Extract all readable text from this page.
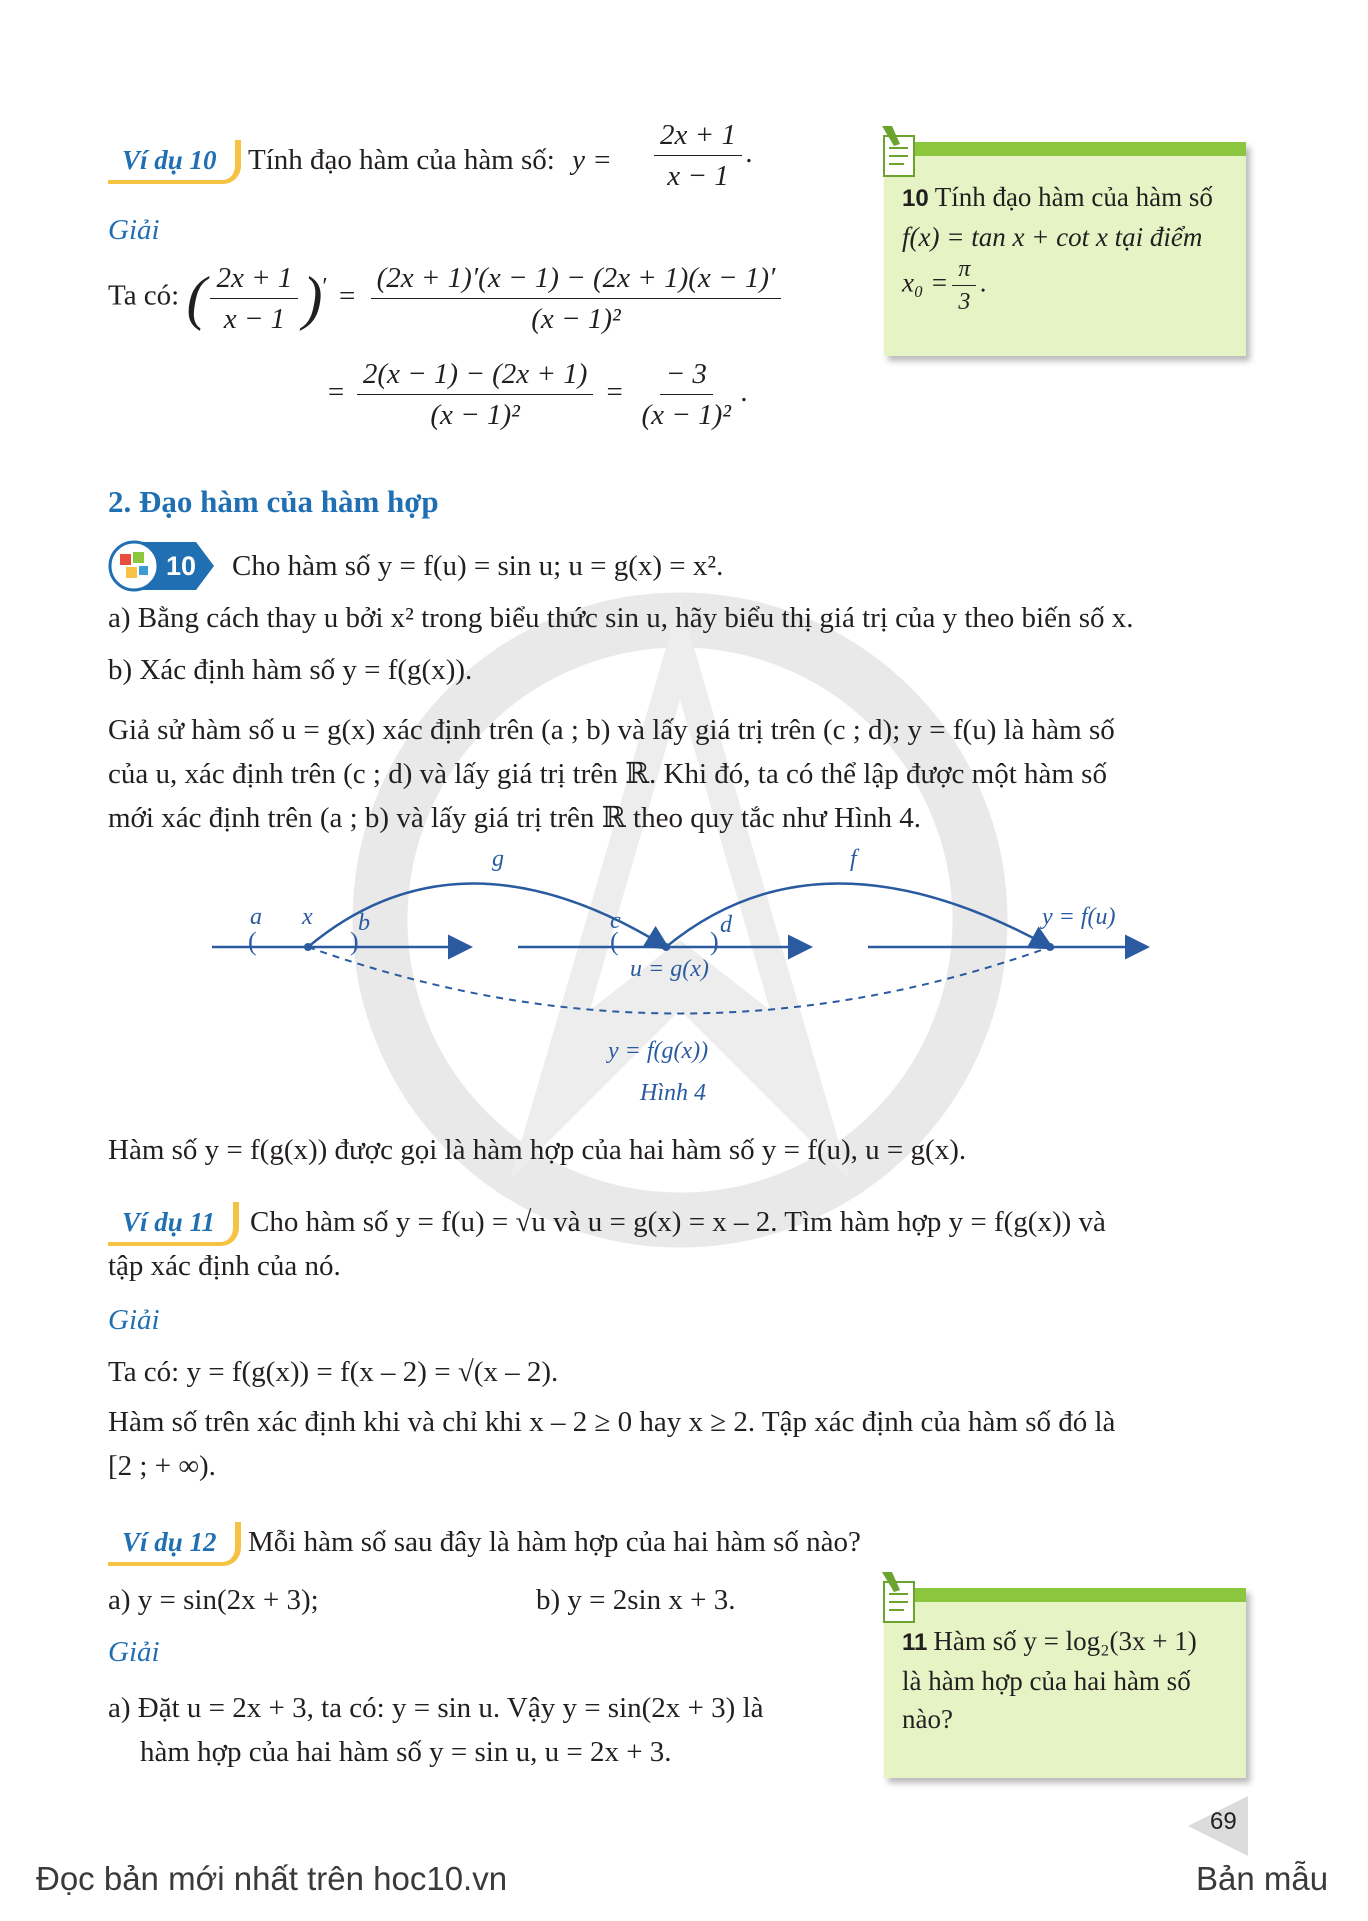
Ví dụ 10	Tính đạo hàm của hàm số: $y = \frac{2x + 1}{x - 1}$ .
Giải
Ta có: ( $\frac{2x + 1}{x - 1} )' = \frac{(2x + 1)'(x - 1) - (2x + 1)(x - 1)'}{\text{(x − 1)²}}$
= $\frac{2(x - 1) - (2x + 1)}{\text{(x − 1)²}} = \frac{- 3}{\text{(x − 1)²}}$ .
10 Tính đạo hàm của hàm số
f(x) = tan x + cot x tại điểm
$x_0 = \frac{\pi}{3}$ .
2. Đạo hàm của hàm hợp
10 Cho hàm số y = f(u) = sin u; u = g(x) = x².
a) Bằng cách thay u bởi x² trong biểu thức sin u, hãy biểu thị giá trị của y theo biến số x.
b) Xác định hàm số y = f(g(x)).
Giả sử hàm số u = g(x) xác định trên (a ; b) và lấy giá trị trên (c ; d); y = f(u) là hàm số
của u, xác định trên (c ; d) và lấy giá trị trên ℝ. Khi đó, ta có thể lập được một hàm số
mới xác định trên (a ; b) và lấy giá trị trên ℝ theo quy tắc như Hình 4.
(	)	(	)
g	f
a x b	c	d
u = g(x)
y = f(u)
y = f(g(x))
Hình 4
Hàm số y = f(g(x)) được gọi là hàm hợp của hai hàm số y = f(u), u = g(x).
Ví dụ 11	Cho hàm số y = f(u) = √u và u = g(x) = x – 2. Tìm hàm hợp y = f(g(x)) và
tập xác định của nó.
Giải
Ta có: y = f(g(x)) = f(x – 2) = √(x – 2).
Hàm số trên xác định khi và chỉ khi x – 2 ≥ 0 hay x ≥ 2. Tập xác định của hàm số đó là
[2 ; + ∞).
Ví dụ 12	Mỗi hàm số sau đây là hàm hợp của hai hàm số nào?
a) y = sin(2x + 3);	b) y = 2sin x + 3.
Giải
a) Đặt u = 2x + 3, ta có: y = sin u. Vậy y = sin(2x + 3) là
hàm hợp của hai hàm số y = sin u, u = 2x + 3.
11 Hàm số y = log₂(3x + 1)
là hàm hợp của hai hàm số
nào?
69
Đọc bản mới nhất trên hoc10.vn	Bản mẫu
